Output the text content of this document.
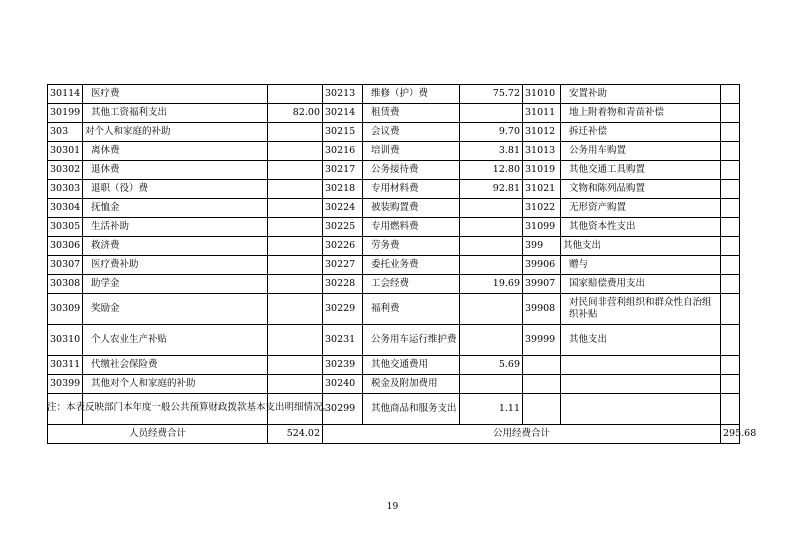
30114	医疗费		30213	维修（护）费	75.72	31010	安置补助	
30199	其他工资福利支出	82.00	30214	租赁费		31011	地上附着物和青苗补偿	
303	对个人和家庭的补助		30215	会议费	9.70	31012	拆迁补偿	
30301	离休费		30216	培训费	3.81	31013	公务用车购置	
30302	退休费		30217	公务接待费	12.80	31019	其他交通工具购置	
30303	退职（役）费		30218	专用材料费	92.81	31021	文物和陈列品购置	
30304	抚恤金		30224	被装购置费		31022	无形资产购置	
30305	生活补助		30225	专用燃料费		31099	其他资本性支出	
30306	救济费		30226	劳务费		399	其他支出	
30307	医疗费补助		30227	委托业务费		39906	赠与	
30308	助学金		30228	工会经费	19.69	39907	国家赔偿费用支出	
30309	奖励金		30229	福利费		39908	对民间非营利组织和群众性自治组织补贴	
30310	个人农业生产补贴		30231	公务用车运行维护费		39999	其他支出	
30311	代缴社会保险费		30239	其他交通费用	5.69			
30399	其他对个人和家庭的补助		30240	税金及附加费用				
			30299	其他商品和服务支出	1.11			
人员经费合计		524.02	公用经费合计					295.68
注：本表反映部门本年度一般公共预算财政拨款基本支出明细情况。
19
